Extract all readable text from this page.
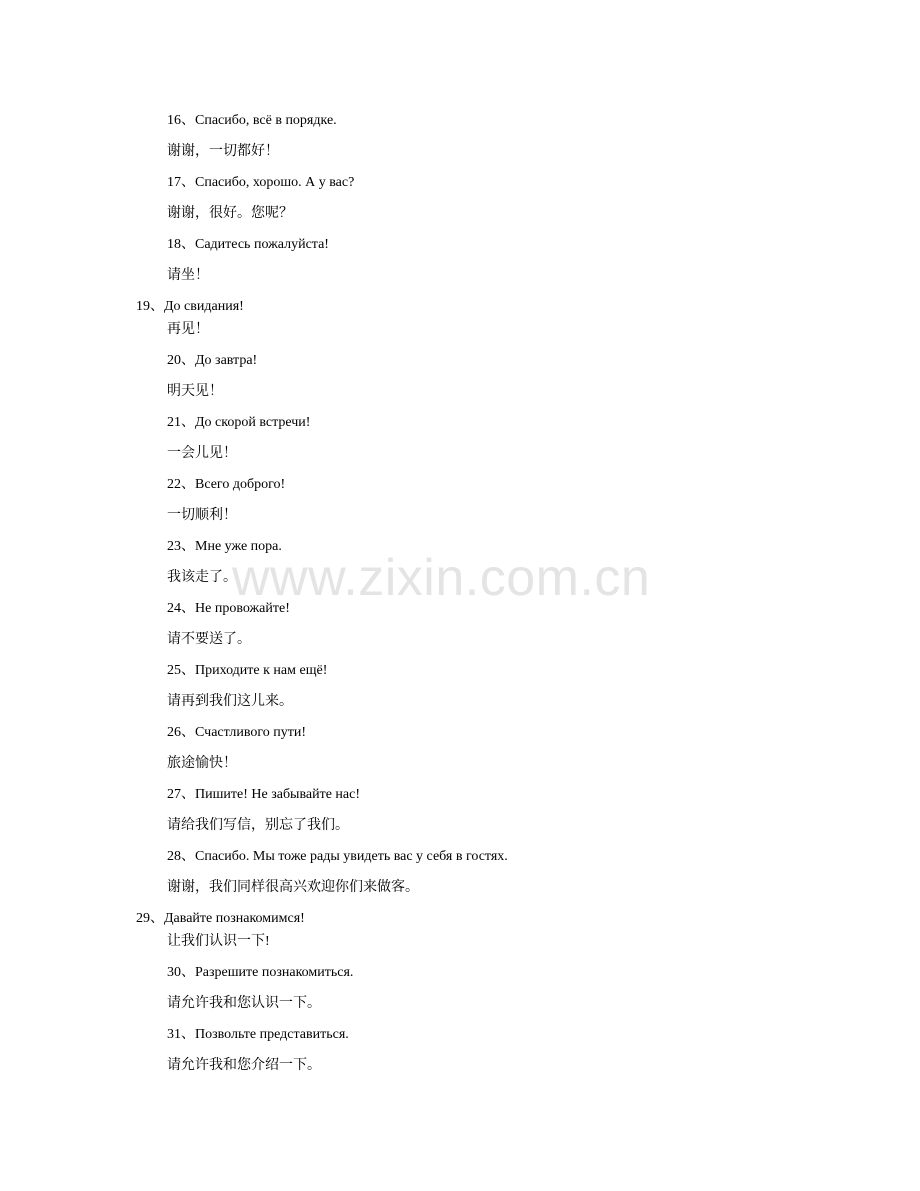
www.zixin.com.cn
16、Спасибо, всё в порядке.
谢谢，一切都好！
17、Спасибо, хорошо. А у вас?
谢谢，很好。您呢？
18、Садитесь пожалуйста!
请坐！
19、До свидания!
再见！
20、До завтра!
明天见！
21、До скорой встречи!
一会儿见！
22、Всего доброго!
一切顺利！
23、Мне уже пора.
我该走了。
24、Не провожайте!
请不要送了。
25、Приходите к нам ещё!
请再到我们这儿来。
26、Счастливого пути!
旅途愉快！
27、Пишите! Не забывайте нас!
请给我们写信，别忘了我们。
28、Спасибо. Мы тоже рады увидеть вас у себя в гостях.
谢谢，我们同样很高兴欢迎你们来做客。
29、Давайте познакомимся!
让我们认识一下!
30、Разрешите познакомиться.
请允许我和您认识一下。
31、Позвольте представиться.
请允许我和您介绍一下。
